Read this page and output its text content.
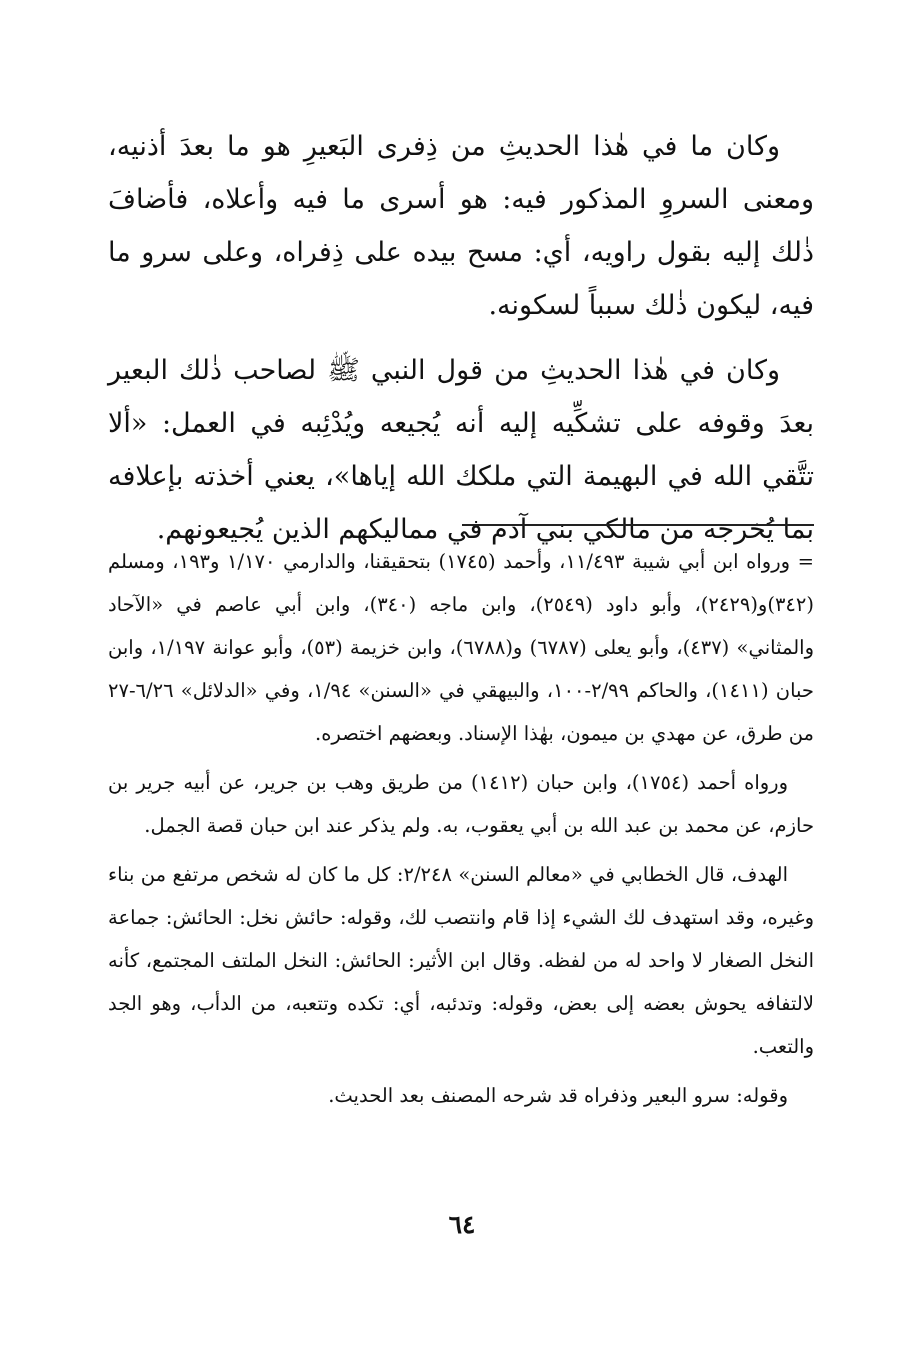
وكان ما في هٰذا الحديثِ من ذِفرى البَعيرِ هو ما بعدَ أذنيه، ومعنى السروِ المذكور فيه: هو أسرى ما فيه وأعلاه، فأضافَ ذٰلك إليه بقول راويه، أي: مسح بيده على ذِفراه، وعلى سرو ما فيه، ليكون ذٰلك سبباً لسكونه.

وكان في هٰذا الحديثِ من قول النبي ﷺ لصاحب ذٰلك البعير بعدَ وقوفه على تشكِّيه إليه أنه يُجيعه ويُدْئِبه في العمل: «ألا تتَّقي الله في البهيمة التي ملكك الله إياها»، يعني أخذته بإعلافه بما يُخرجه من مالكي بني آدم في مماليكهم الذين يُجيعونهم.

= ورواه ابن أبي شيبة ١١/٤٩٣، وأحمد (١٧٤٥) بتحقيقنا، والدارمي ١/١٧٠ و١٩٣، ومسلم (٣٤٢)و(٢٤٢٩)، وأبو داود (٢٥٤٩)، وابن ماجه (٣٤٠)، وابن أبي عاصم في «الآحاد والمثاني» (٤٣٧)، وأبو يعلى (٦٧٨٧) و(٦٧٨٨)، وابن خزيمة (٥٣)، وأبو عوانة ١/١٩٧، وابن حبان (١٤١١)، والحاكم ٢/٩٩-١٠٠، والبيهقي في «السنن» ١/٩٤، وفي «الدلائل» ٦/٢٦-٢٧ من طرق، عن مهدي بن ميمون، بهٰذا الإسناد. وبعضهم اختصره.

ورواه أحمد (١٧٥٤)، وابن حبان (١٤١٢) من طريق وهب بن جرير، عن أبيه جرير بن حازم، عن محمد بن عبد الله بن أبي يعقوب، به. ولم يذكر عند ابن حبان قصة الجمل.

الهدف، قال الخطابي في «معالم السنن» ٢/٢٤٨: كل ما كان له شخص مرتفع من بناء وغيره، وقد استهدف لك الشيء إذا قام وانتصب لك، وقوله: حائش نخل: الحائش: جماعة النخل الصغار لا واحد له من لفظه. وقال ابن الأثير: الحائش: النخل الملتف المجتمع، كأنه لالتفافه يحوش بعضه إلى بعض، وقوله: وتدئبه، أي: تكده وتتعبه، من الدأب، وهو الجد والتعب.

وقوله: سرو البعير وذفراه قد شرحه المصنف بعد الحديث.

٦٤
